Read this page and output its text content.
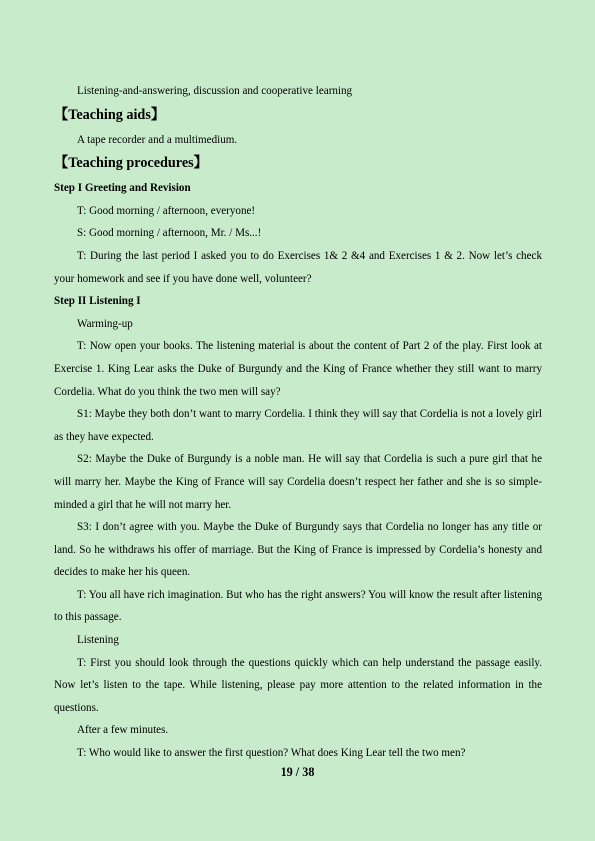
Listening-and-answering, discussion and cooperative learning

【Teaching aids】

A tape recorder and a multimedium.

【Teaching procedures】

Step I Greeting and Revision

T: Good morning / afternoon, everyone!

S: Good morning / afternoon, Mr. / Ms...!

T: During the last period I asked you to do Exercises 1& 2 &4 and Exercises 1 & 2. Now let’s check your homework and see if you have done well, volunteer?

Step II Listening I

Warming-up

T: Now open your books. The listening material is about the content of Part 2 of the play. First look at Exercise 1. King Lear asks the Duke of Burgundy and the King of France whether they still want to marry Cordelia. What do you think the two men will say?

S1: Maybe they both don’t want to marry Cordelia. I think they will say that Cordelia is not a lovely girl as they have expected.

S2: Maybe the Duke of Burgundy is a noble man. He will say that Cordelia is such a pure girl that he will marry her. Maybe the King of France will say Cordelia doesn’t respect her father and she is so simple-minded a girl that he will not marry her.

S3: I don’t agree with you. Maybe the Duke of Burgundy says that Cordelia no longer has any title or land. So he withdraws his offer of marriage. But the King of France is impressed by Cordelia’s honesty and decides to make her his queen.

T: You all have rich imagination. But who has the right answers? You will know the result after listening to this passage.

Listening

T: First you should look through the questions quickly which can help understand the passage easily. Now let’s listen to the tape. While listening, please pay more attention to the related information in the questions.

After a few minutes.

T: Who would like to answer the first question? What does King Lear tell the two men?

19 / 38
